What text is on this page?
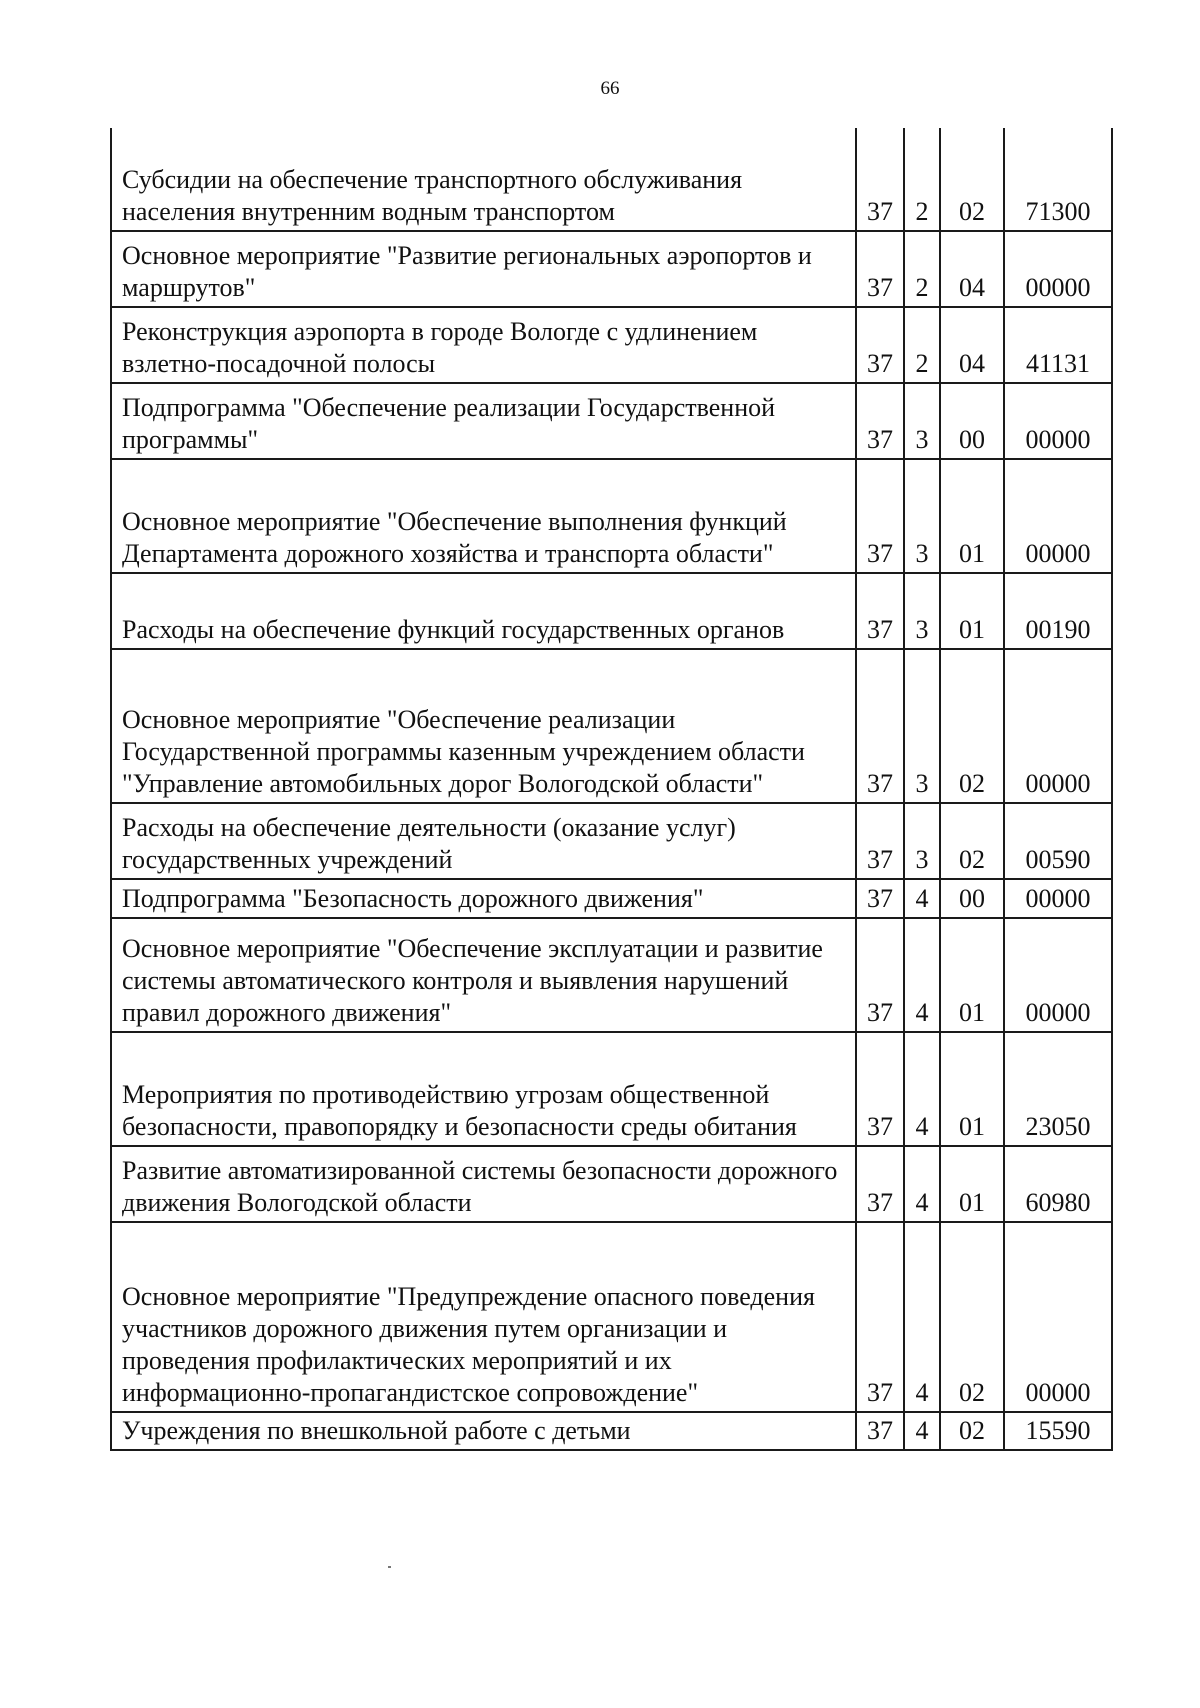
66
Субсидии на обеспечение транспортного обслуживания населения внутренним водным транспортом	37	2	02	71300
Основное мероприятие "Развитие региональных аэропортов и маршрутов"	37	2	04	00000
Реконструкция аэропорта в городе Вологде с удлинением взлетно-посадочной полосы	37	2	04	41131
Подпрограмма "Обеспечение реализации Государственной программы"	37	3	00	00000
Основное мероприятие "Обеспечение выполнения функций Департамента дорожного хозяйства и транспорта области"	37	3	01	00000
Расходы на обеспечение функций государственных органов	37	3	01	00190
Основное мероприятие "Обеспечение реализации Государственной программы казенным учреждением области "Управление автомобильных дорог Вологодской области"	37	3	02	00000
Расходы на обеспечение деятельности (оказание услуг) государственных учреждений	37	3	02	00590
Подпрограмма "Безопасность дорожного движения"	37	4	00	00000
Основное мероприятие "Обеспечение эксплуатации и развитие системы автоматического контроля и выявления нарушений правил дорожного движения"	37	4	01	00000
Мероприятия по противодействию угрозам общественной безопасности, правопорядку и безопасности среды обитания	37	4	01	23050
Развитие автоматизированной системы безопасности дорожного движения Вологодской области	37	4	01	60980
Основное мероприятие "Предупреждение опасного поведения участников дорожного движения путем организации и проведения профилактических мероприятий и их информационно-пропагандистское сопровождение"	37	4	02	00000
Учреждения по внешкольной работе с детьми	37	4	02	15590
